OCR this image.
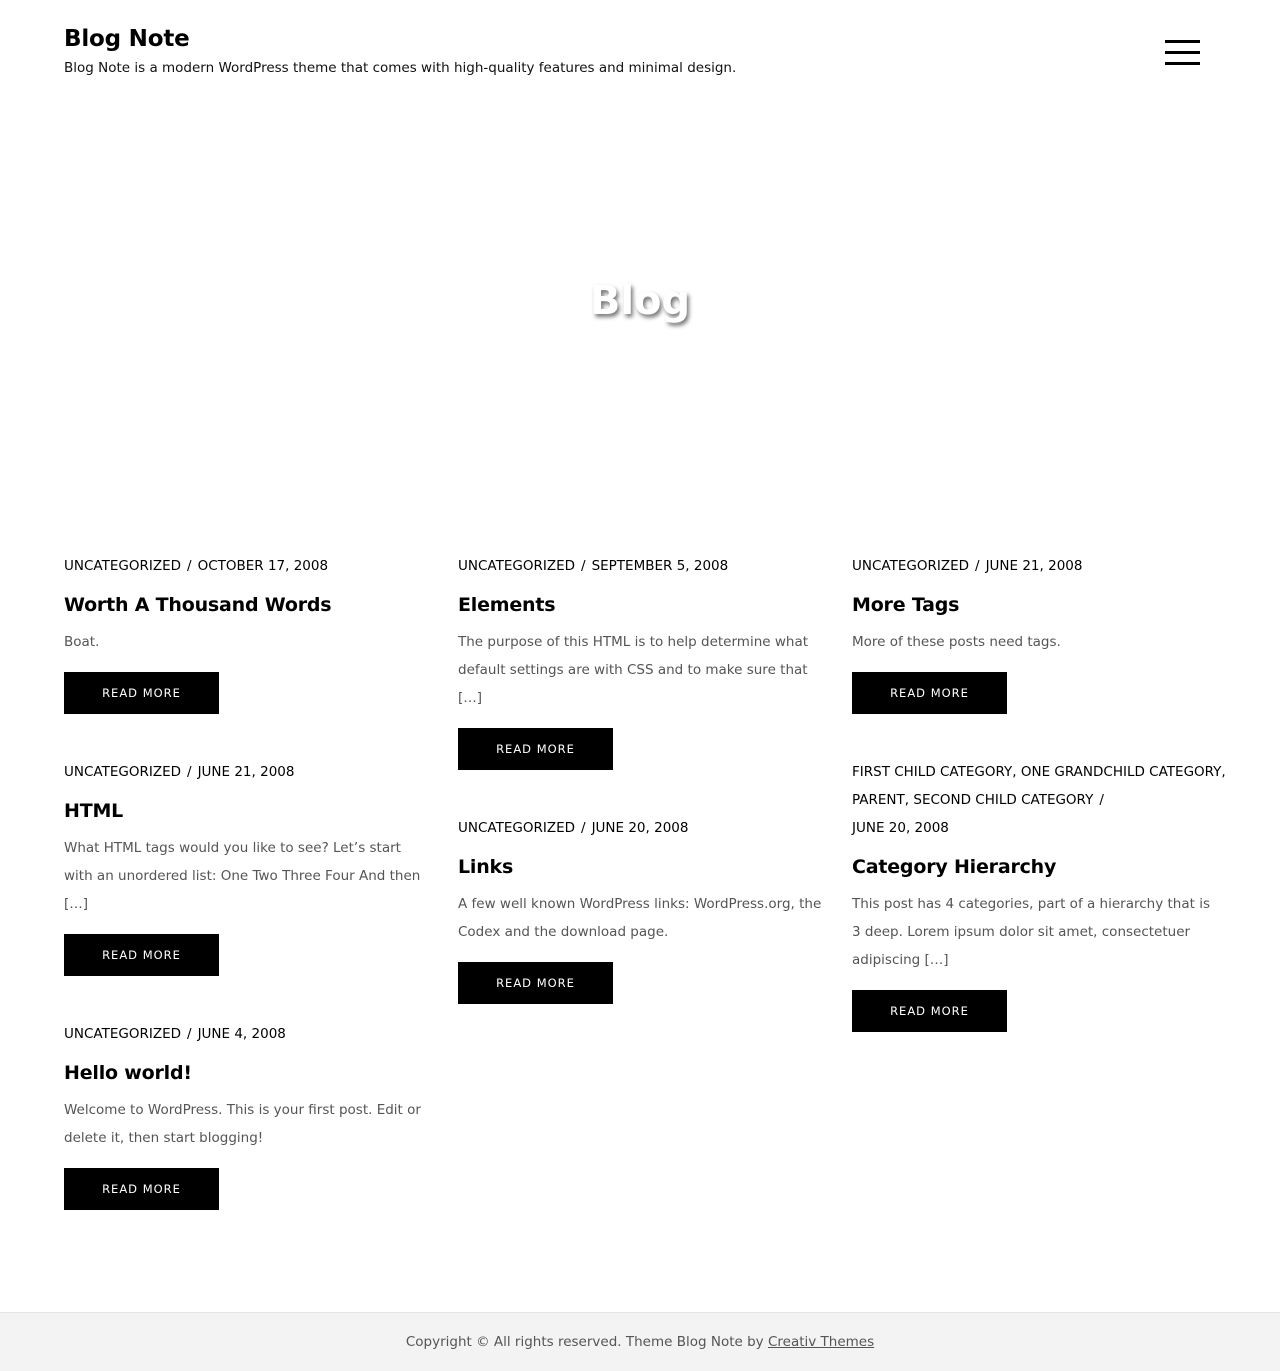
Blog Note

Blog Note is a modern WordPress theme that comes with high-quality features and minimal design.

Blog
UNCATEGORIZED / OCTOBER 17, 2008
Worth A Thousand Words

Boat.

READ MORE
UNCATEGORIZED / JUNE 21, 2008
HTML

What HTML tags would you like to see? Let’s start with an unordered list: One Two Three Four And then […]

READ MORE
UNCATEGORIZED / JUNE 4, 2008
Hello world!

Welcome to WordPress. This is your first post. Edit or delete it, then start blogging!

READ MORE
UNCATEGORIZED / SEPTEMBER 5, 2008
Elements

The purpose of this HTML is to help determine what default settings are with CSS and to make sure that […]

READ MORE
UNCATEGORIZED / JUNE 20, 2008
Links

A few well known WordPress links: WordPress.org, the Codex and the download page.

READ MORE
UNCATEGORIZED / JUNE 21, 2008
More Tags

More of these posts need tags.

READ MORE
FIRST CHILD CATEGORY, ONE GRANDCHILD CATEGORY,
PARENT, SECOND CHILD CATEGORY /
JUNE 20, 2008
Category Hierarchy

This post has 4 categories, part of a hierarchy that is 3 deep. Lorem ipsum dolor sit amet, consectetuer adipiscing […]

READ MORE
Copyright © All rights reserved. Theme Blog Note by Creativ Themes
